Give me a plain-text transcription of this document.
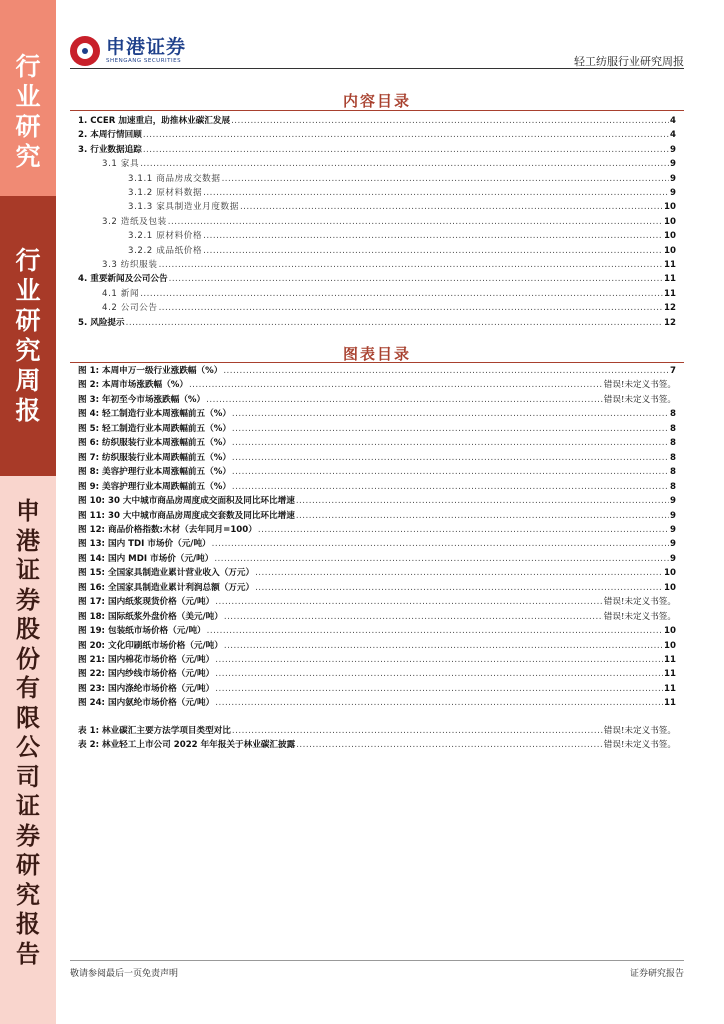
行
业
研
究
行
业
研
究
周
报
申
港
证
券
股
份
有
限
公
司
证
券
研
究
报
告
申港证券
SHENGANG SECURITIES	轻工纺服行业研究周报
内容目录
1. CCER 加速重启，助推林业碳汇发展 .....	4
2. 本周行情回顾 .....	4
3. 行业数据追踪 .....	9
3.1 家具 .....	9
3.1.1 商品房成交数据 .....	9
3.1.2 原材料数据 .....	9
3.1.3 家具制造业月度数据 .....	10
3.2 造纸及包装 .....	10
3.2.1 原材料价格 .....	10
3.2.2 成品纸价格 .....	10
3.3 纺织服装 .....	11
4. 重要新闻及公司公告 .....	11
4.1 新闻 .....	11
4.2 公司公告 .....	12
5. 风险提示 .....	12
图表目录
图 1: 本周申万一级行业涨跌幅（%） .....	7
图 2: 本周市场涨跌幅（%） .....	错误!未定义书签。
图 3: 年初至今市场涨跌幅（%） .....	错误!未定义书签。
图 4: 轻工制造行业本周涨幅前五（%） .....	8
图 5: 轻工制造行业本周跌幅前五（%） .....	8
图 6: 纺织服装行业本周涨幅前五（%） .....	8
图 7: 纺织服装行业本周跌幅前五（%） .....	8
图 8: 美容护理行业本周涨幅前五（%） .....	8
图 9: 美容护理行业本周跌幅前五（%） .....	8
图 10: 30 大中城市商品房周度成交面积及同比环比增速 .....	9
图 11: 30 大中城市商品房周度成交套数及同比环比增速 .....	9
图 12: 商品价格指数:木材（去年同月=100） .....	9
图 13: 国内 TDI 市场价（元/吨） .....	9
图 14: 国内 MDI 市场价（元/吨） .....	9
图 15: 全国家具制造业累计营业收入（万元） .....	10
图 16: 全国家具制造业累计利润总额（万元） .....	10
图 17: 国内纸浆现货价格（元/吨） .....	错误!未定义书签。
图 18: 国际纸浆外盘价格（美元/吨） .....	错误!未定义书签。
图 19: 包装纸市场价格（元/吨） .....	10
图 20: 文化印刷纸市场价格（元/吨） .....	10
图 21: 国内棉花市场价格（元/吨） .....	11
图 22: 国内纱线市场价格（元/吨） .....	11
图 23: 国内涤纶市场价格（元/吨） .....	11
图 24: 国内氨纶市场价格（元/吨） .....	11
表 1: 林业碳汇主要方法学项目类型对比 .....	错误!未定义书签。
表 2: 林业轻工上市公司 2022 年年报关于林业碳汇披露 .....	错误!未定义书签。
敬请参阅最后一页免责声明	证券研究报告
